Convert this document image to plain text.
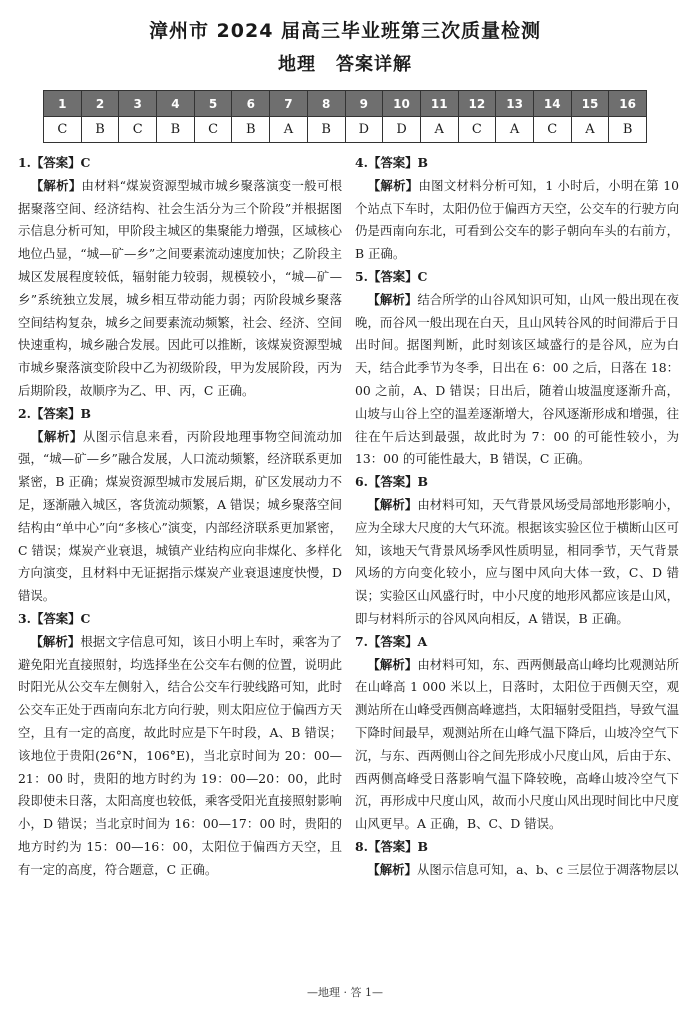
漳州市 2024 届高三毕业班第三次质量检测
地理 答案详解
1	2	3	4	5	6	7	8	9	10	11	12	13	14	15	16
C	B	C	B	C	B	A	B	D	D	A	C	A	C	A	B
1.【答案】C
 【解析】由材料“煤炭资源型城市城乡聚落演变一般可根据聚落空间、经济结构、社会生活分为三个阶段”并根据图示信息分析可知，甲阶段主城区的集聚能力增强，区域核心地位凸显，“城—矿—乡”之间要素流动速度加快；乙阶段主城区发展程度较低，辐射能力较弱，规模较小，“城—矿—乡”系统独立发展，城乡相互带动能力弱；丙阶段城乡聚落空间结构复杂，城乡之间要素流动频繁，社会、经济、空间快速重构，城乡融合发展。因此可以推断，该煤炭资源型城市城乡聚落演变阶段中乙为初级阶段，甲为发展阶段，丙为后期阶段，故顺序为乙、甲、丙，C 正确。
2.【答案】B
 【解析】从图示信息来看，丙阶段地理事物空间流动加强，“城—矿—乡”融合发展，人口流动频繁，经济联系更加紧密，B 正确；煤炭资源型城市发展后期，矿区发展动力不足，逐渐融入城区，客货流动频繁，A 错误；城乡聚落空间结构由“单中心”向“多核心”演变，内部经济联系更加紧密，C 错误；煤炭产业衰退，城镇产业结构应向非煤化、多样化方向演变，且材料中无证据指示煤炭产业衰退速度快慢，D 错误。
3.【答案】C
 【解析】根据文字信息可知，该日小明上车时，乘客为了避免阳光直接照射，均选择坐在公交车右侧的位置，说明此时阳光从公交车左侧射入，结合公交车行驶线路可知，此时公交车正处于西南向东北方向行驶，则太阳应位于偏西方天空，且有一定的高度，故此时应是下午时段，A、B 错误；该地位于贵阳(26°N，106°E)，当北京时间为 20：00—21：00 时，贵阳的地方时约为 19：00—20：00，此时段即使未日落，太阳高度也较低，乘客受阳光直接照射影响小，D 错误；当北京时间为 16：00—17：00 时，贵阳的地方时约为 15：00—16：00，太阳位于偏西方天空，且有一定的高度，符合题意，C 正确。
4.【答案】B
 【解析】由图文材料分析可知，1 小时后，小明在第 10 个站点下车时，太阳仍位于偏西方天空，公交车的行驶方向仍是西南向东北，可看到公交车的影子朝向车头的右前方，B 正确。
5.【答案】C
 【解析】结合所学的山谷风知识可知，山风一般出现在夜晚，而谷风一般出现在白天，且山风转谷风的时间滞后于日出时间。据图判断，此时刻该区域盛行的是谷风，应为白天，结合此季节为冬季，日出在 6：00 之后，日落在 18：00 之前，A、D 错误；日出后，随着山坡温度逐渐升高，山坡与山谷上空的温差逐渐增大，谷风逐渐形成和增强，往往在午后达到最强，故此时为 7：00 的可能性较小，为 13：00 的可能性最大，B 错误，C 正确。
6.【答案】B
 【解析】由材料可知，天气背景风场受局部地形影响小，应为全球大尺度的大气环流。根据该实验区位于横断山区可知，该地天气背景风场季风性质明显，相同季节，天气背景风场的方向变化较小，应与图中风向大体一致，C、D 错误；实验区山风盛行时，中小尺度的地形风都应该是山风，即与材料所示的谷风风向相反，A 错误，B 正确。
7.【答案】A
 【解析】由材料可知，东、西两侧最高山峰均比观测站所在山峰高 1 000 米以上，日落时，太阳位于西侧天空，观测站所在山峰受西侧高峰遮挡，太阳辐射受阻挡，导致气温下降时间最早，观测站所在山峰气温下降后，山坡冷空气下沉，与东、西两侧山谷之间先形成小尺度山风，后由于东、西两侧高峰受日落影响气温下降较晚，高峰山坡冷空气下沉，再形成中尺度山风，故而小尺度山风出现时间比中尺度山风更早。A 正确，B、C、D 错误。
8.【答案】B
 【解析】从图示信息可知，a、b、c 三层位于凋落物层以
—地理 · 答 1—
